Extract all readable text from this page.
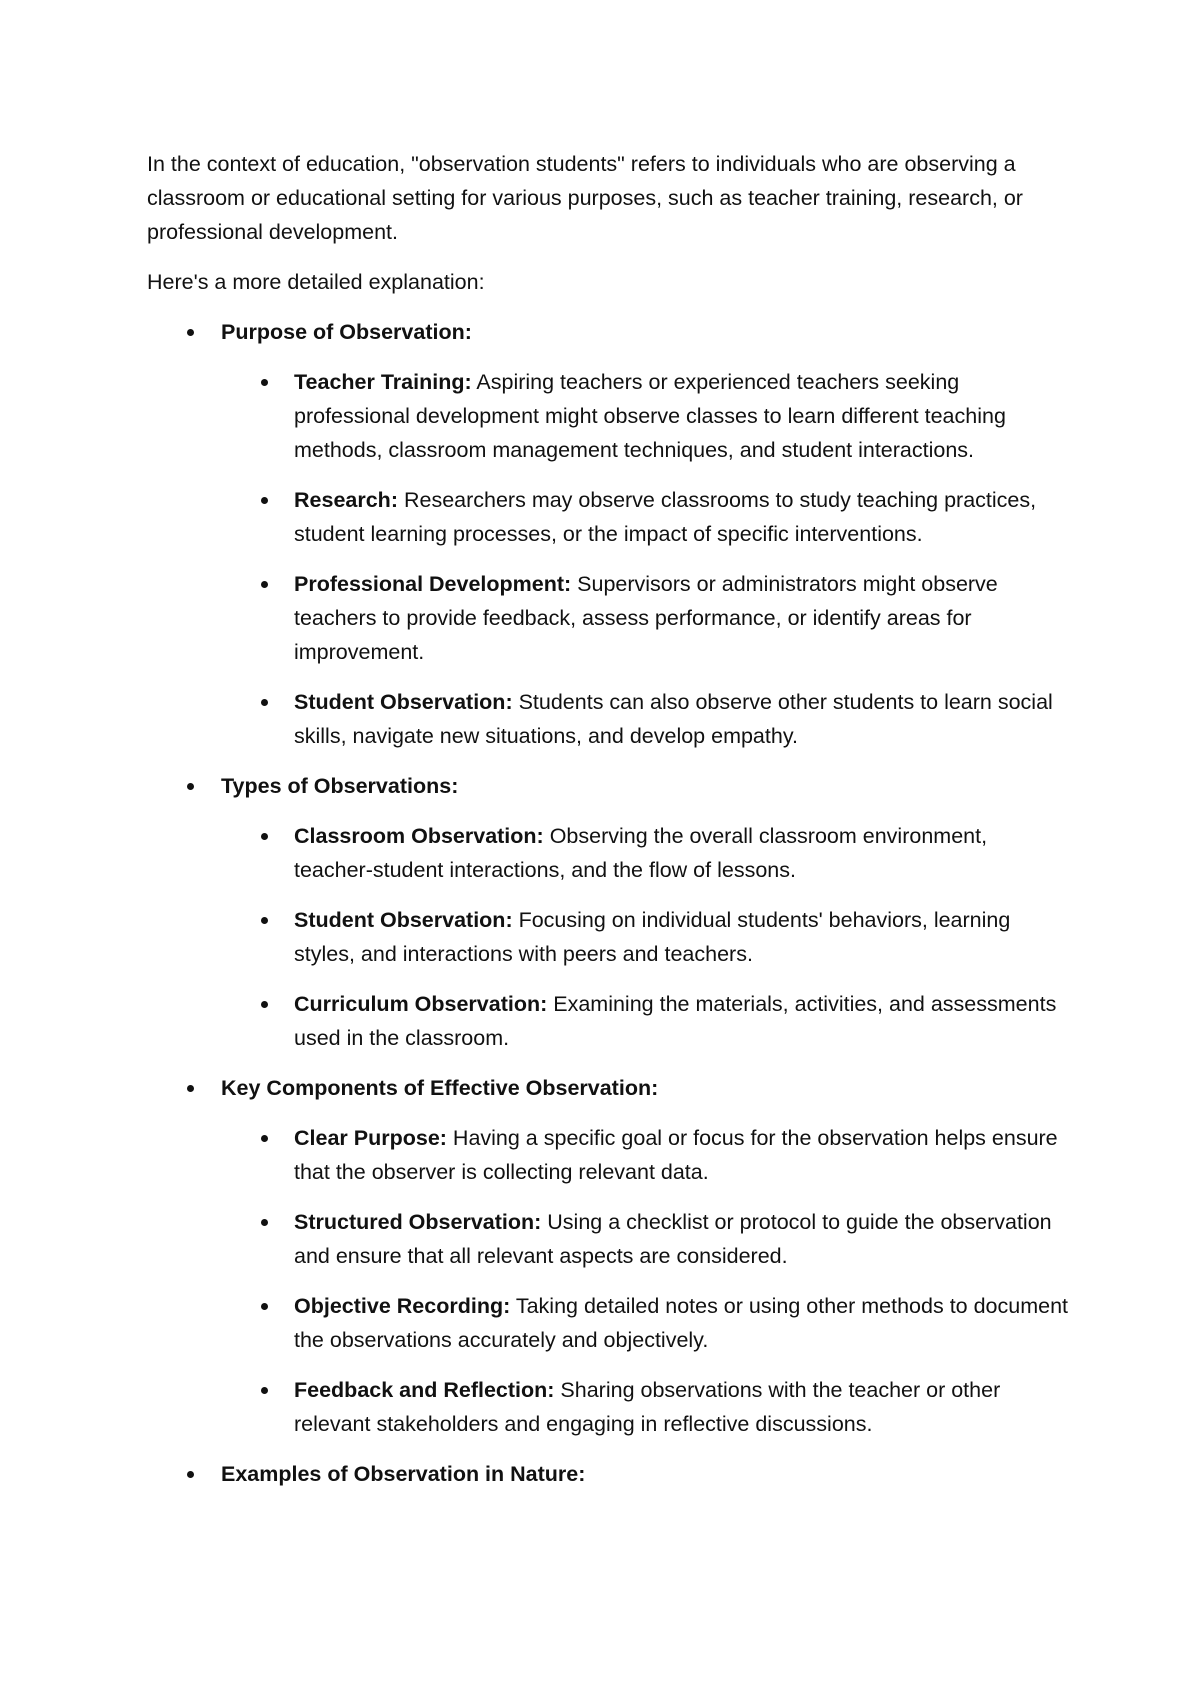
In the context of education, "observation students" refers to individuals who are observing a classroom or educational setting for various purposes, such as teacher training, research, or professional development.

Here's a more detailed explanation:

Purpose of Observation:
Teacher Training: Aspiring teachers or experienced teachers seeking professional development might observe classes to learn different teaching methods, classroom management techniques, and student interactions.
Research: Researchers may observe classrooms to study teaching practices, student learning processes, or the impact of specific interventions.
Professional Development: Supervisors or administrators might observe teachers to provide feedback, assess performance, or identify areas for improvement.
Student Observation: Students can also observe other students to learn social skills, navigate new situations, and develop empathy.
Types of Observations:
Classroom Observation: Observing the overall classroom environment, teacher-student interactions, and the flow of lessons.
Student Observation: Focusing on individual students' behaviors, learning styles, and interactions with peers and teachers.
Curriculum Observation: Examining the materials, activities, and assessments used in the classroom.
Key Components of Effective Observation:
Clear Purpose: Having a specific goal or focus for the observation helps ensure that the observer is collecting relevant data.
Structured Observation: Using a checklist or protocol to guide the observation and ensure that all relevant aspects are considered.
Objective Recording: Taking detailed notes or using other methods to document the observations accurately and objectively.
Feedback and Reflection: Sharing observations with the teacher or other relevant stakeholders and engaging in reflective discussions.
Examples of Observation in Nature:
